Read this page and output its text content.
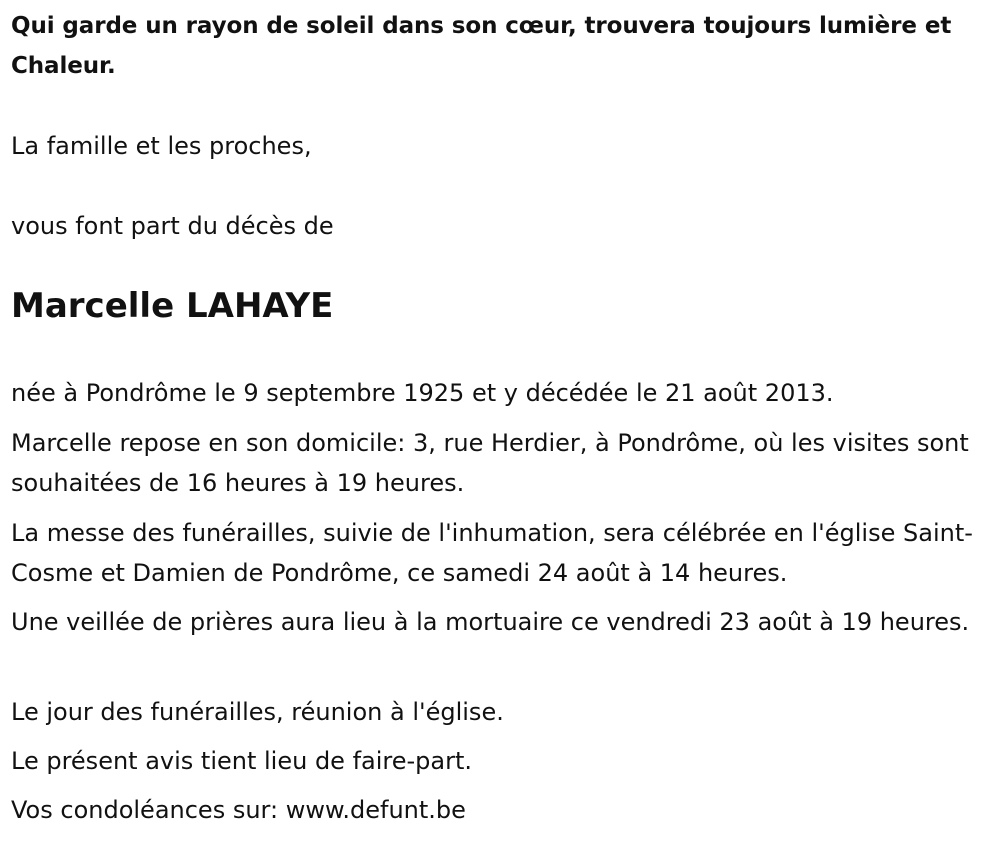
Qui garde un rayon de soleil dans son cœur, trouvera toujours lumière et Chaleur.
La famille et les proches,
vous font part du décès de
Marcelle LAHAYE
née à Pondrôme le 9 septembre 1925 et y décédée le 21 août 2013.
Marcelle repose en son domicile: 3, rue Herdier, à Pondrôme, où les visites sont souhaitées de 16 heures à 19 heures.
La messe des funérailles, suivie de l'inhumation, sera célébrée en l'église Saint-Cosme et Damien de Pondrôme, ce samedi 24 août à 14 heures.
Une veillée de prières aura lieu à la mortuaire ce vendredi 23 août à 19 heures.
Le jour des funérailles, réunion à l'église.
Le présent avis tient lieu de faire-part.
Vos condoléances sur: www.defunt.be
